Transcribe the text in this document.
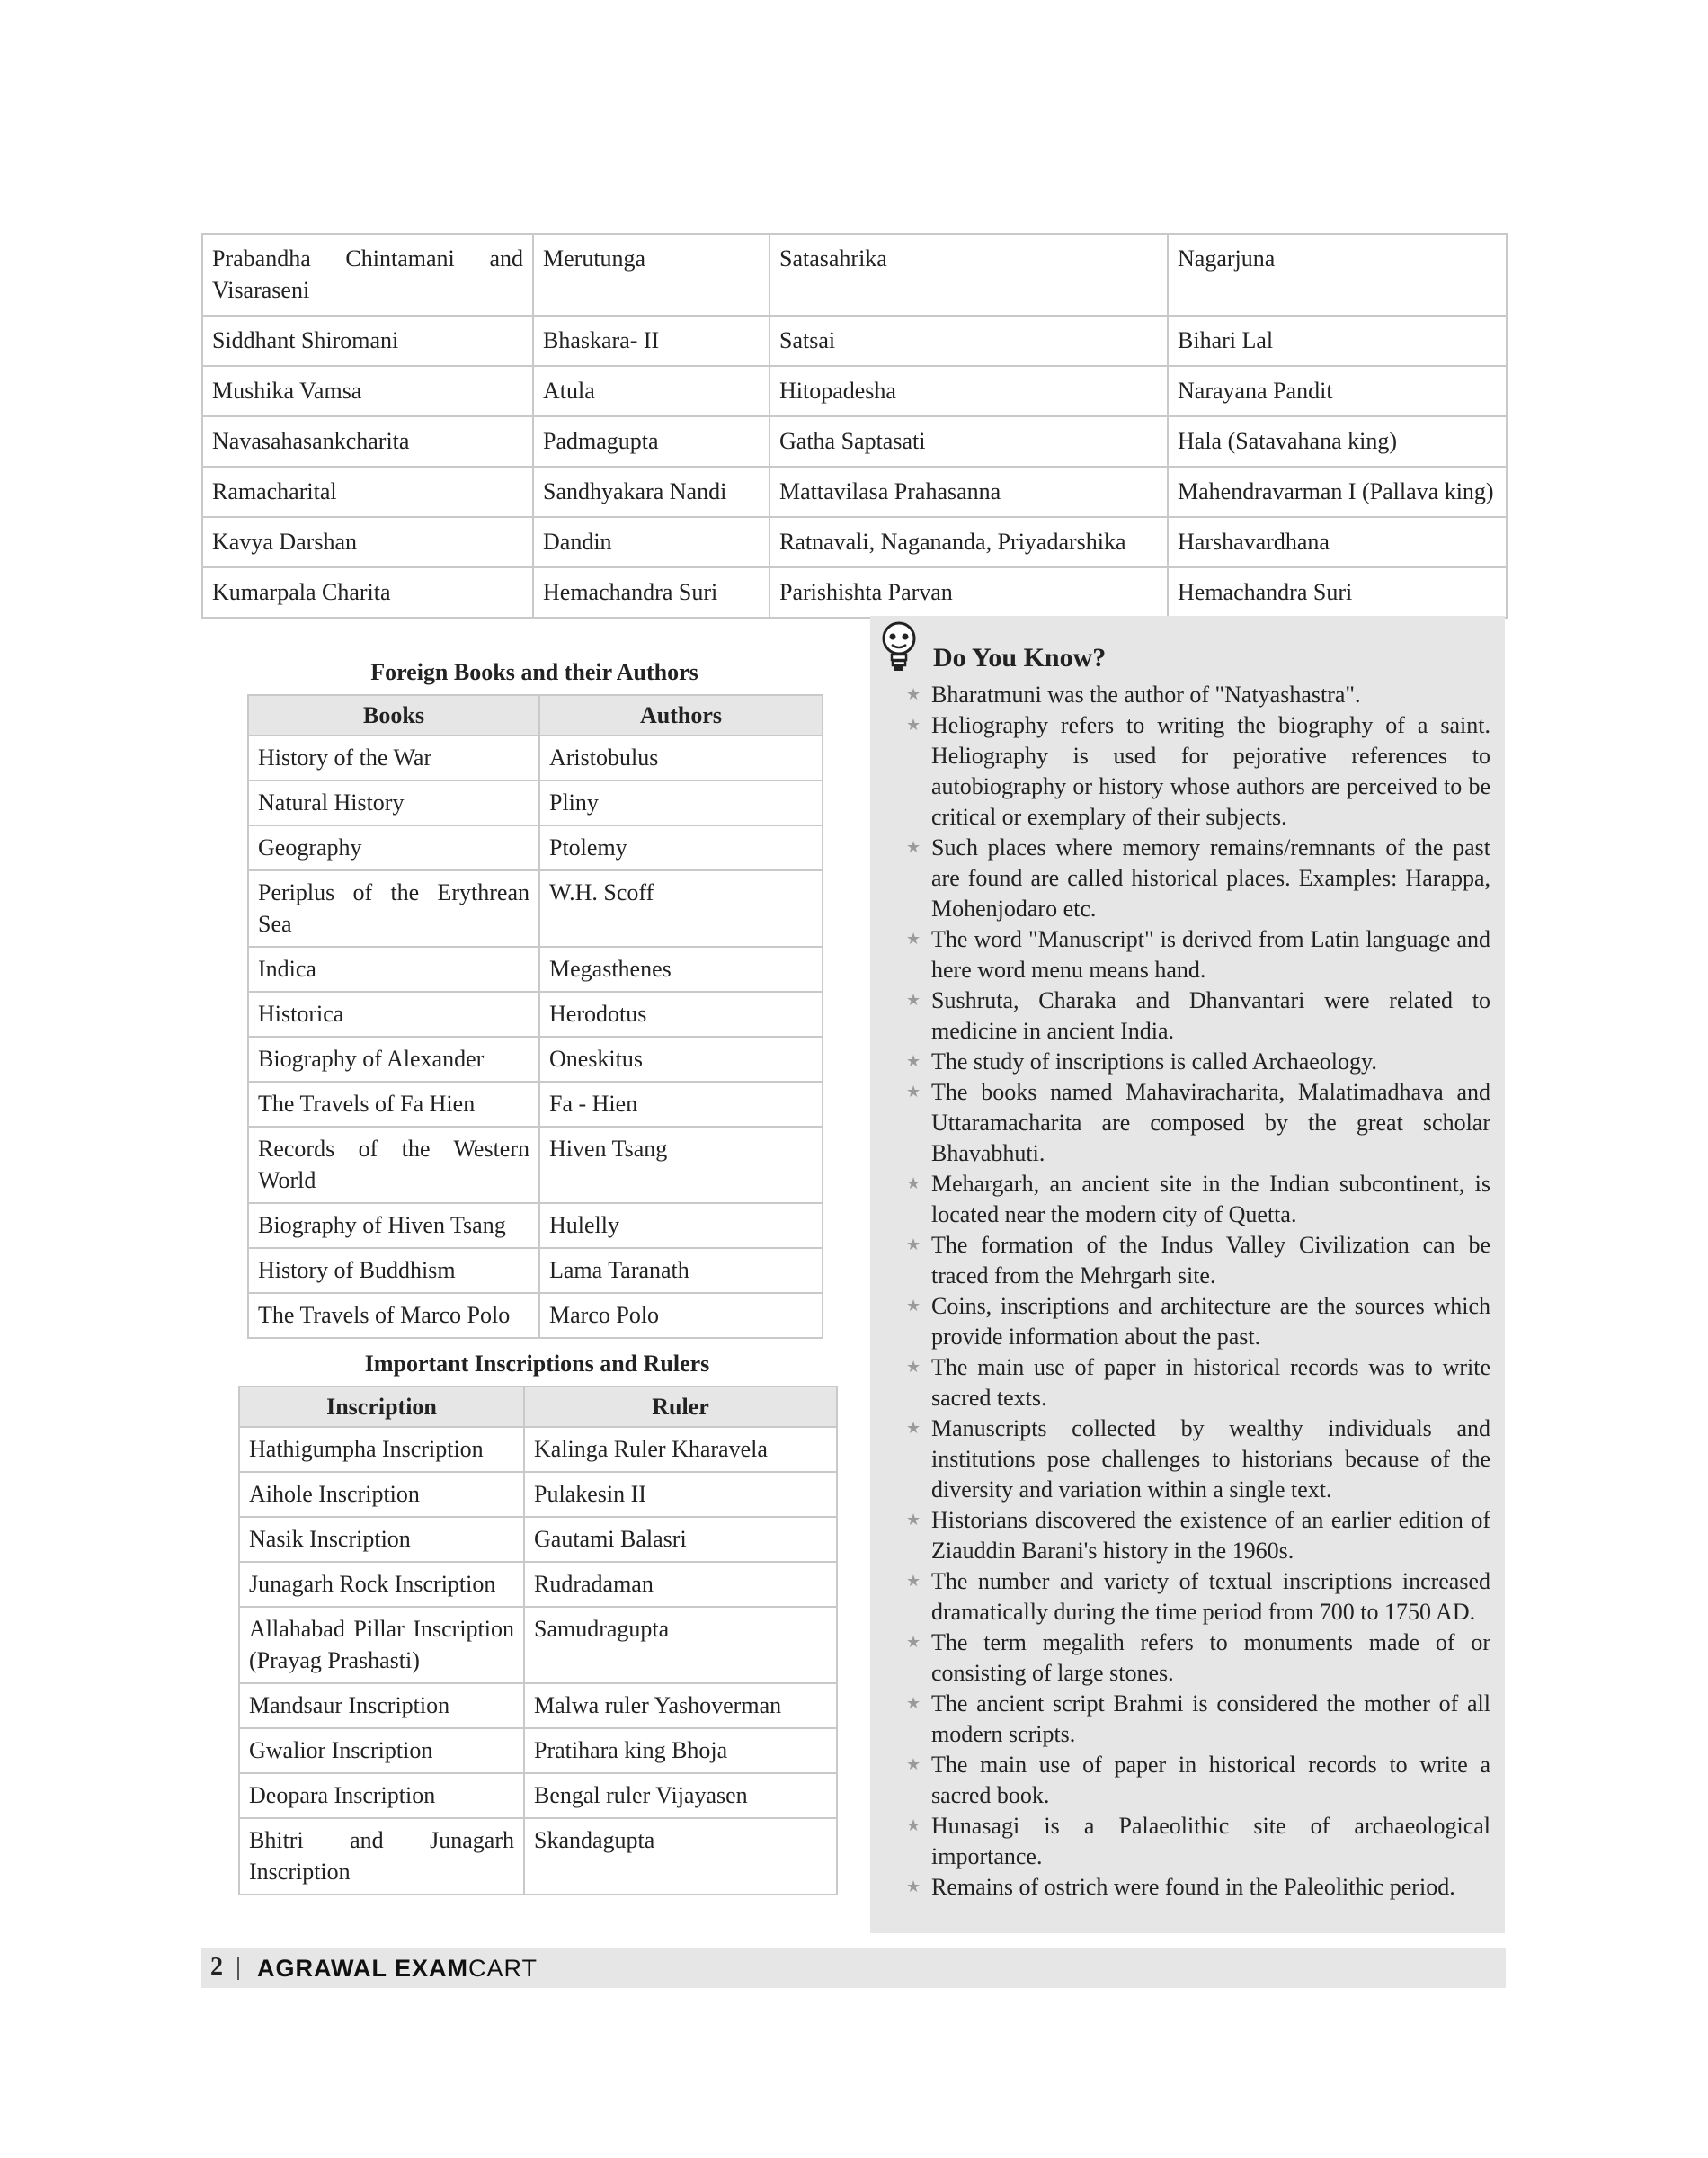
Prabandha Chintamani and Visaraseni	Merutunga	Satasahrika	Nagarjuna
Siddhant Shiromani	Bhaskara- II	Satsai	Bihari Lal
Mushika Vamsa	Atula	Hitopadesha	Narayana Pandit
Navasahasankcharita	Padmagupta	Gatha Saptasati	Hala (Satavahana king)
Ramacharital	Sandhyakara Nandi	Mattavilasa Prahasanna	Mahendravarman I (Pallava king)
Kavya Darshan	Dandin	Ratnavali, Nagananda, Priyadarshika	Harshavardhana
Kumarpala Charita	Hemachandra Suri	Parishishta Parvan	Hemachandra Suri
Foreign Books and their Authors
Books	Authors
History of the War	Aristobulus
Natural History	Pliny
Geography	Ptolemy
Periplus of the Erythrean Sea	W.H. Scoff
Indica	Megasthenes
Historica	Herodotus
Biography of Alexander	Oneskitus
The Travels of Fa Hien	Fa - Hien
Records of the Western World	Hiven Tsang
Biography of Hiven Tsang	Hulelly
History of Buddhism	Lama Taranath
The Travels of Marco Polo	Marco Polo
Important Inscriptions and Rulers
Inscription	Ruler
Hathigumpha Inscription	Kalinga Ruler Kharavela
Aihole Inscription	Pulakesin II
Nasik Inscription	Gautami Balasri
Junagarh Rock Inscription	Rudradaman
Allahabad Pillar Inscription (Prayag Prashasti)	Samudragupta
Mandsaur Inscription	Malwa ruler Yashoverman
Gwalior Inscription	Pratihara king Bhoja
Deopara Inscription	Bengal ruler Vijayasen
Bhitri and Junagarh Inscription	Skandagupta
Do You Know?
★ Bharatmuni was the author of "Natyashastra".
★ Heliography refers to writing the biography of a saint. Heliography is used for pejorative references to autobiography or history whose authors are perceived to be critical or exemplary of their subjects.
★ Such places where memory remains/remnants of the past are found are called historical places. Examples: Harappa, Mohenjodaro etc.
★ The word "Manuscript" is derived from Latin language and here word menu means hand.
★ Sushruta, Charaka and Dhanvantari were related to medicine in ancient India.
★ The study of inscriptions is called Archaeology.
★ The books named Mahaviracharita, Malatimadhava and Uttaramacharita are composed by the great scholar Bhavabhuti.
★ Mehargarh, an ancient site in the Indian subcontinent, is located near the modern city of Quetta.
★ The formation of the Indus Valley Civilization can be traced from the Mehrgarh site.
★ Coins, inscriptions and architecture are the sources which provide information about the past.
★ The main use of paper in historical records was to write sacred texts.
★ Manuscripts collected by wealthy individuals and institutions pose challenges to historians because of the diversity and variation within a single text.
★ Historians discovered the existence of an earlier edition of Ziauddin Barani's history in the 1960s.
★ The number and variety of textual inscriptions increased dramatically during the time period from 700 to 1750 AD.
★ The term megalith refers to monuments made of or consisting of large stones.
★ The ancient script Brahmi is considered the mother of all modern scripts.
★ The main use of paper in historical records to write a sacred book.
★ Hunasagi is a Palaeolithic site of archaeological importance.
★ Remains of ostrich were found in the Paleolithic period.
2 AGRAWAL EXAMCART
